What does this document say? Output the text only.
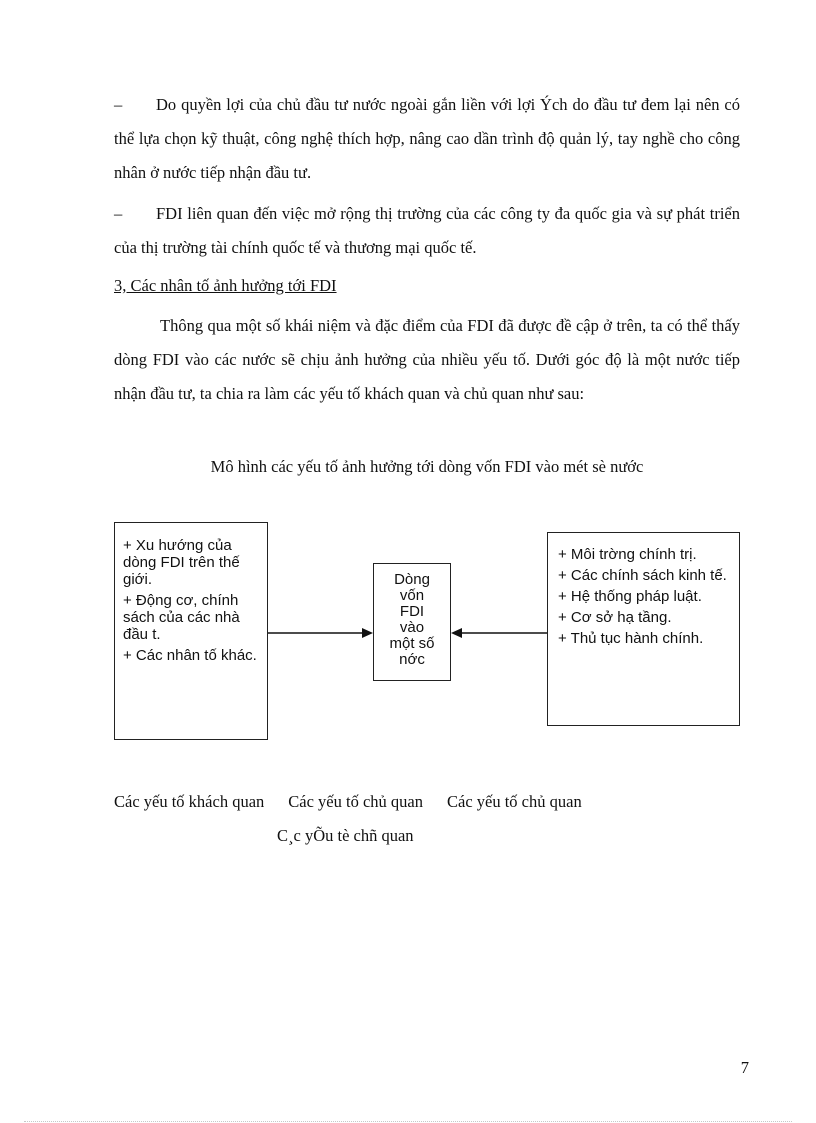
– Do quyền lợi của chủ đầu tư nước ngoài gắn liền với lợi Ých do đầu tư đem lại nên có thể lựa chọn kỹ thuật, công nghệ thích hợp, nâng cao dần trình độ quản lý, tay nghề cho công nhân ở nước tiếp nhận đầu tư.

– FDI liên quan đến việc mở rộng thị trường của các công ty đa quốc gia và sự phát triển của thị trường tài chính quốc tế và thương mại quốc tế.

3, Các nhân tố ảnh hưởng tới FDI

Thông qua một số khái niệm và đặc điểm của FDI đã được đề cập ở trên, ta có thể thấy dòng FDI vào các nước sẽ chịu ảnh hưởng của nhiều yếu tố. Dưới góc độ là một nước tiếp nhận đầu tư, ta chia ra làm các yếu tố khách quan và chủ quan như sau:

Mô hình các yếu tố ảnh hưởng tới dòng vốn FDI vào mét sè nước

+ Xu hướng của dòng FDI trên thế giới.

+ Động cơ, chính sách của các nhà đầu t.

+ Các nhân tố khác.

Dòng
vốn
FDI
vào
một số
nớc

+ Môi trờng chính trị.

+ Các chính sách kinh tế.

+ Hệ thống pháp luật.

+ Cơ sở hạ tầng.

+ Thủ tục hành chính.

Các yếu tố khách quan Các yếu tố chủ quan Các yếu tố chủ quan

C¸c yÕu tè chñ quan

7
